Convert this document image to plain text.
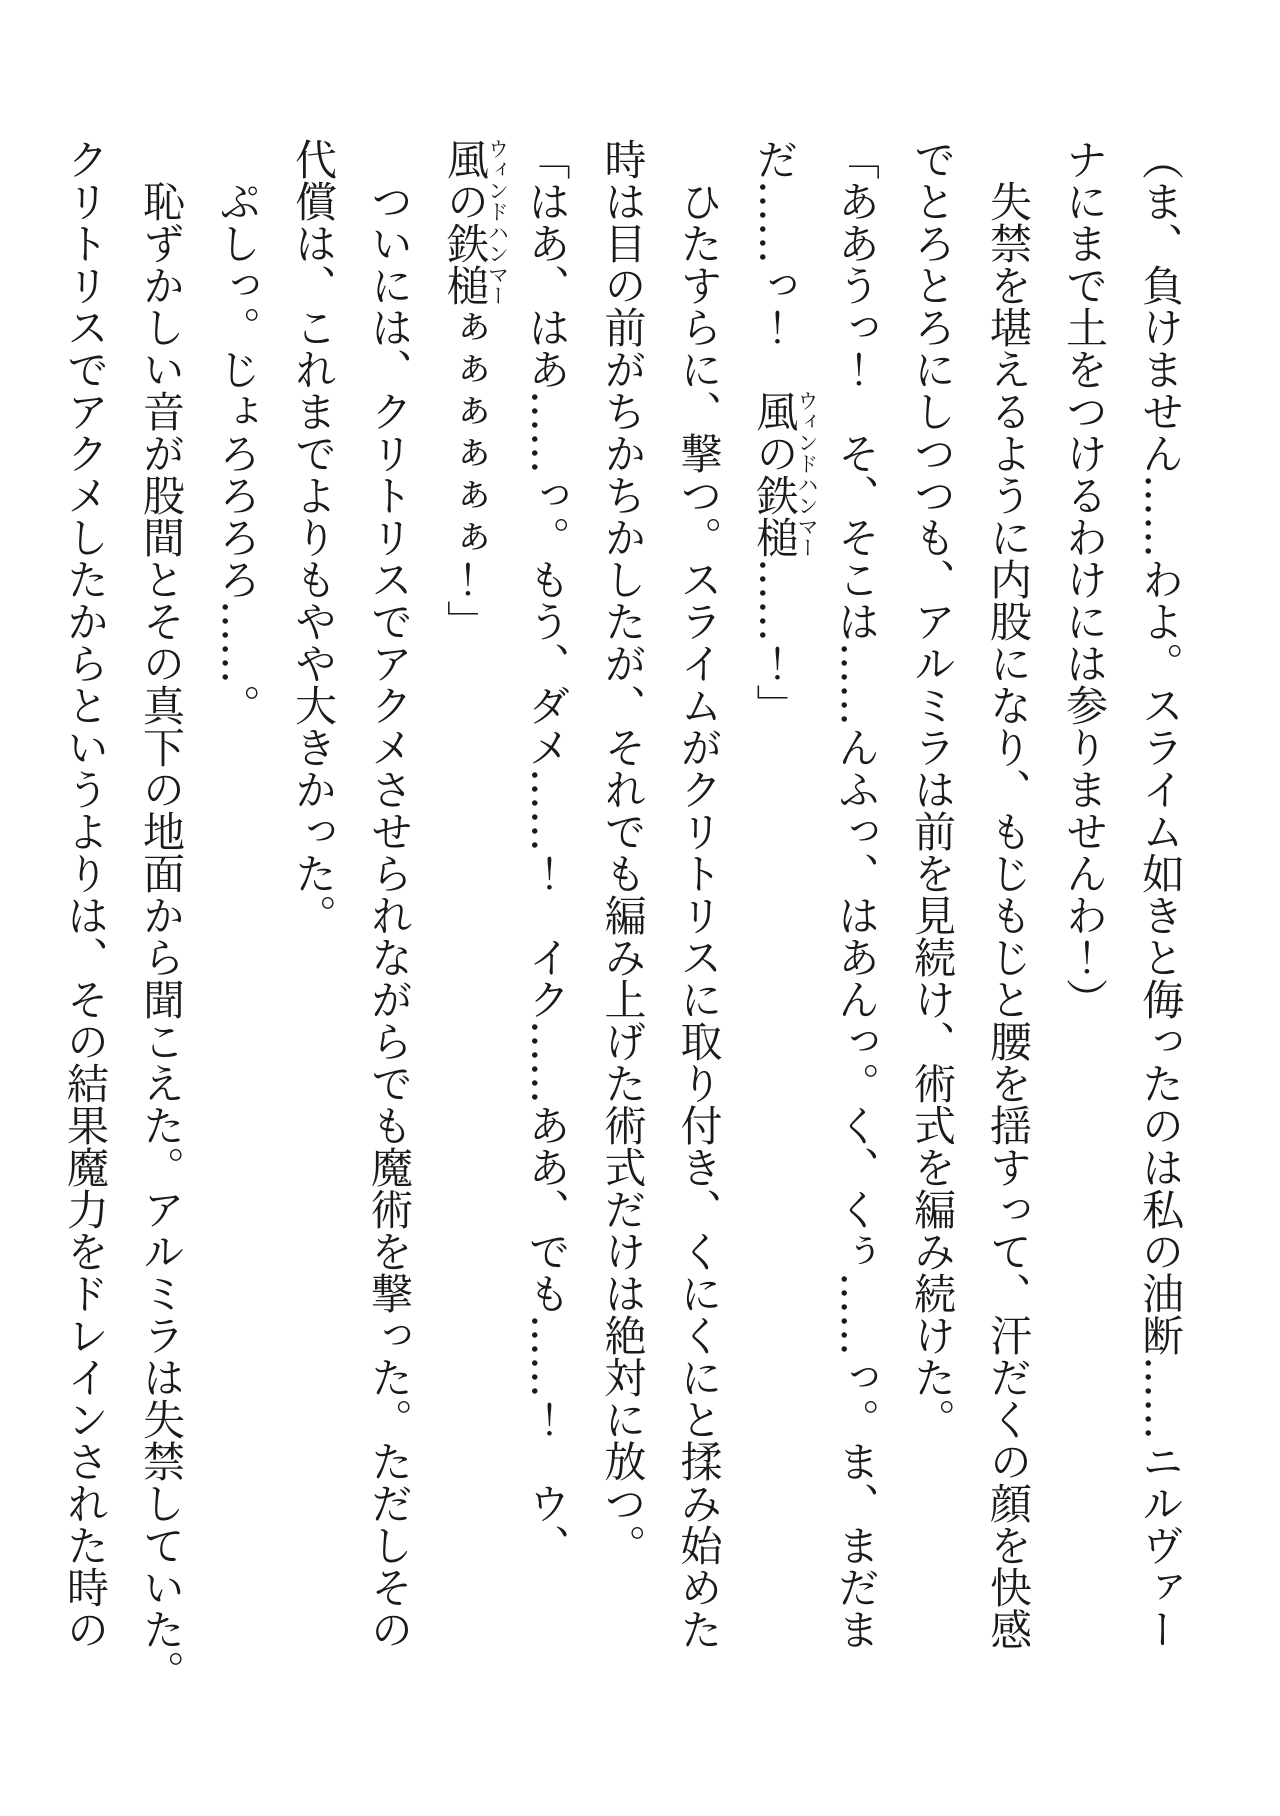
（ま、負けません……わよ。スライム如きと侮ったのは私の油断……ニルヴァー

ナにまで土をつけるわけには参りませんわ！）

　失禁を堪えるように内股になり、もじもじと腰を揺すって、汗だくの顔を快感

でとろとろにしつつも、アルミラは前を見続け、術式を編み続けた。

「ああうっ！　そ、そこは……んふっ、はあんっ。く、くぅ……っ。ま、まだま

だ……っ！　風の鉄槌ウィンドハンマー……！」

　ひたすらに、撃つ。スライムがクリトリスに取り付き、くにくにと揉み始めた

時は目の前がちかちかしたが、それでも編み上げた術式だけは絶対に放つ。

「はあ、はあ……っ。もう、ダメ……！　イク……ああ、でも……！　ウ、

風の鉄槌ウィンドハンマーぁぁぁぁぁぁ！」

　ついには、クリトリスでアクメさせられながらでも魔術を撃った。ただしその

代償は、これまでよりもやや大きかった。

　ぷしっ。じょろろろろ……。

　恥ずかしい音が股間とその真下の地面から聞こえた。アルミラは失禁していた。

クリトリスでアクメしたからというよりは、その結果魔力をドレインされた時の
